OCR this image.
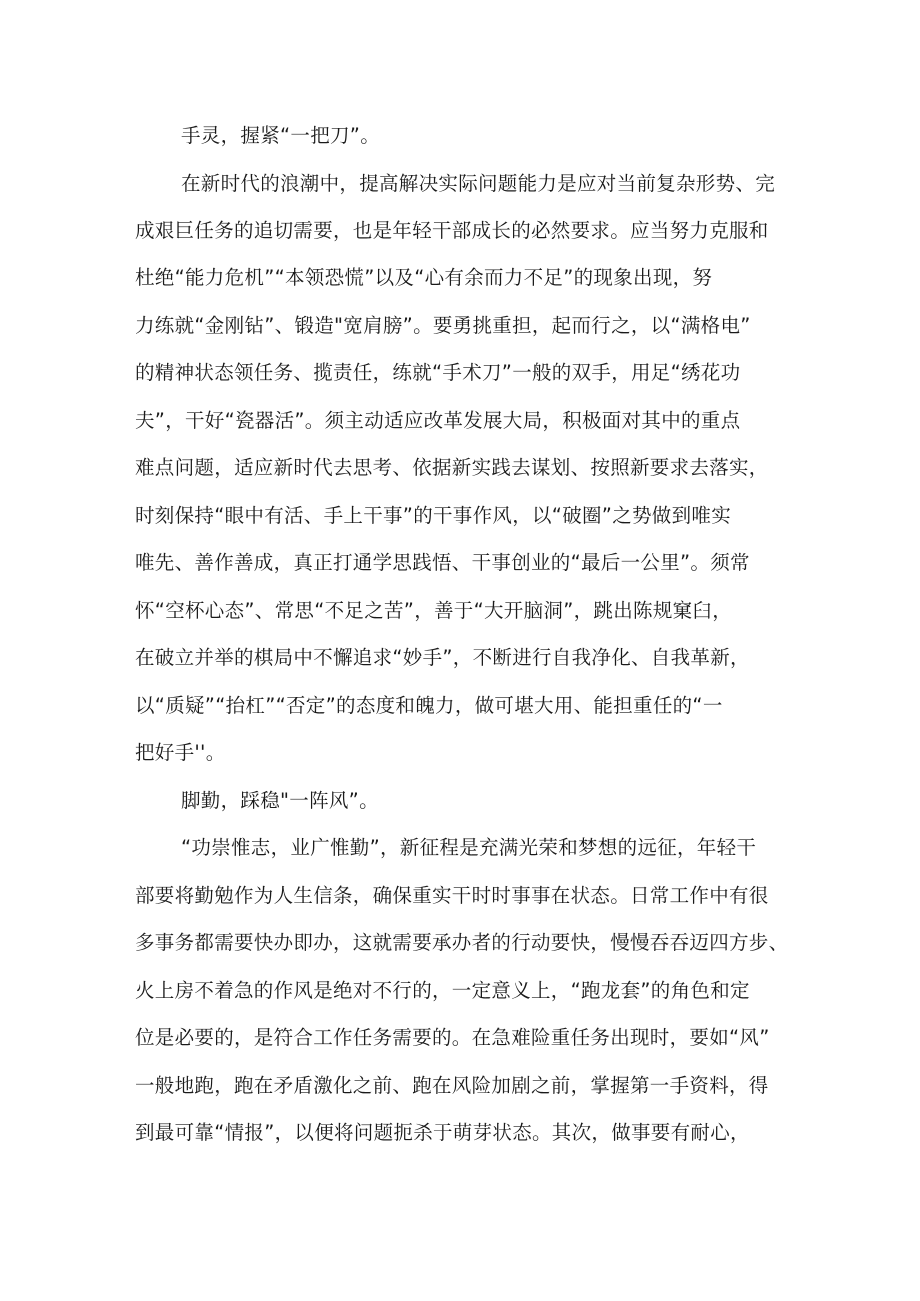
手灵，握紧“一把刀”。
在新时代的浪潮中，提高解决实际问题能力是应对当前复杂形势、完
成艰巨任务的追切需要，也是年轻干部成长的必然要求。应当努力克服和
杜绝“能力危机”“本领恐慌”以及“心有余而力不足”的现象出现，努
力练就“金刚钻”、锻造"宽肩膀”。要勇挑重担，起而行之，以“满格电”
的精神状态领任务、揽责任，练就“手术刀”一般的双手，用足“绣花功
夫”，干好“瓷器活”。须主动适应改革发展大局，积极面对其中的重点
难点问题，适应新时代去思考、依据新实践去谋划、按照新要求去落实，
时刻保持“眼中有活、手上干事”的干事作风，以“破圈”之势做到唯实
唯先、善作善成，真正打通学思践悟、干事创业的“最后一公里”。须常
怀“空杯心态”、常思“不足之苦”，善于“大开脑洞”，跳出陈规窠臼，
在破立并举的棋局中不懈追求“妙手”，不断进行自我净化、自我革新，
以“质疑”“抬杠”“否定”的态度和魄力，做可堪大用、能担重任的“一
把好手''。
脚勤，踩稳"一阵风”。
“功崇惟志，业广惟勤”，新征程是充满光荣和梦想的远征，年轻干
部要将勤勉作为人生信条，确保重实干时时事事在状态。日常工作中有很
多事务都需要快办即办，这就需要承办者的行动要快，慢慢吞吞迈四方步、
火上房不着急的作风是绝对不行的，一定意义上，“跑龙套”的角色和定
位是必要的，是符合工作任务需要的。在急难险重任务出现时，要如“风”
一般地跑，跑在矛盾激化之前、跑在风险加剧之前，掌握第一手资料，得
到最可靠“情报”，以便将问题扼杀于萌芽状态。其次，做事要有耐心，
